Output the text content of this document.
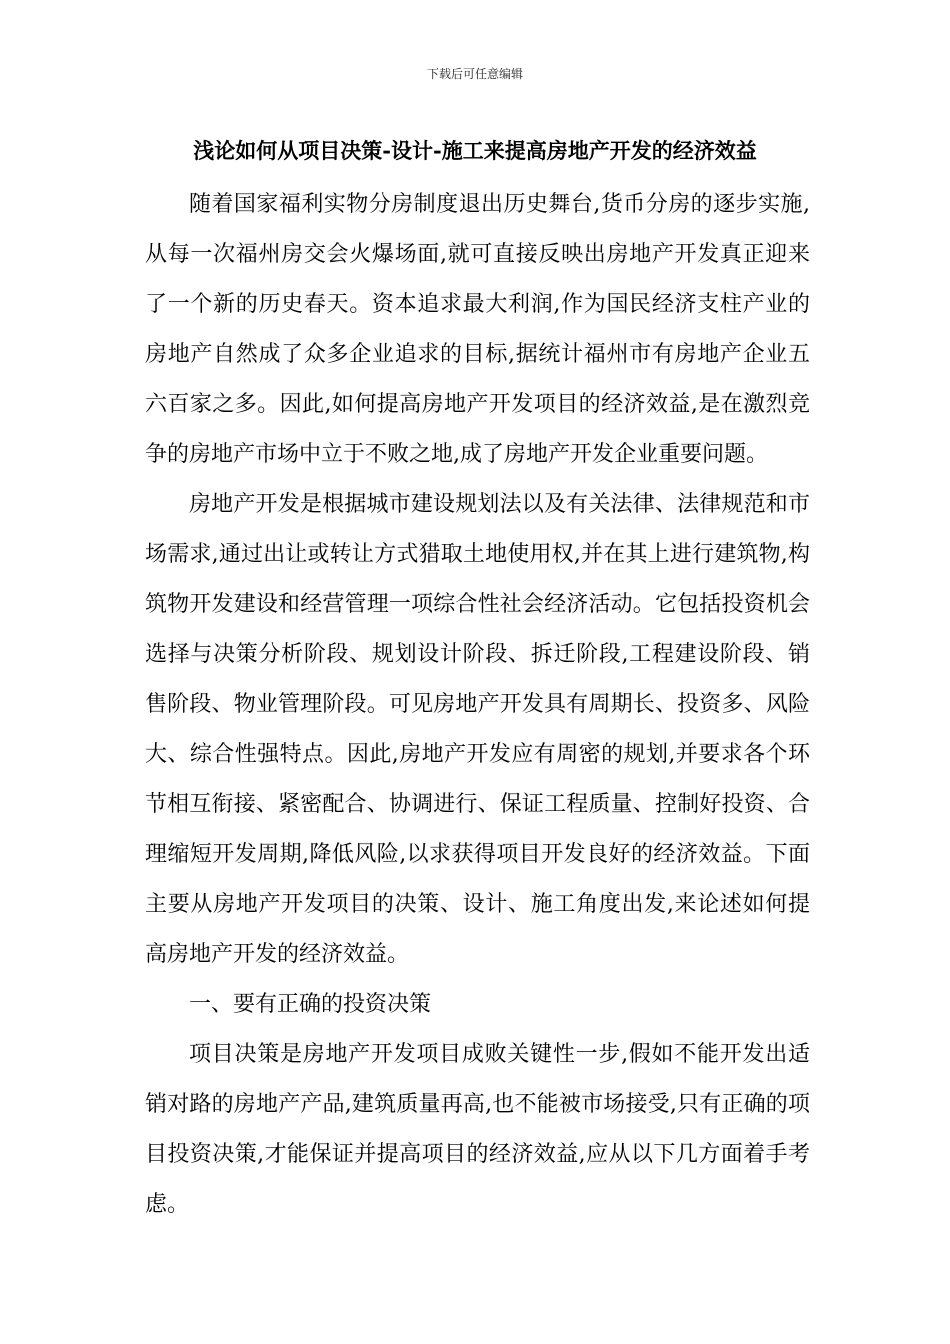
下载后可任意编辑
浅论如何从项目决策-设计-施工来提高房地产开发的经济效益

随着国家福利实物分房制度退出历史舞台,货币分房的逐步实施,从每一次福州房交会火爆场面,就可直接反映出房地产开发真正迎来了一个新的历史春天。资本追求最大利润,作为国民经济支柱产业的房地产自然成了众多企业追求的目标,据统计福州市有房地产企业五六百家之多。因此,如何提高房地产开发项目的经济效益,是在激烈竞争的房地产市场中立于不败之地,成了房地产开发企业重要问题。

房地产开发是根据城市建设规划法以及有关法律、法律规范和市场需求,通过出让或转让方式猎取土地使用权,并在其上进行建筑物,构筑物开发建设和经营管理一项综合性社会经济活动。它包括投资机会选择与决策分析阶段、规划设计阶段、拆迁阶段,工程建设阶段、销售阶段、物业管理阶段。可见房地产开发具有周期长、投资多、风险大、综合性强特点。因此,房地产开发应有周密的规划,并要求各个环节相互衔接、紧密配合、协调进行、保证工程质量、控制好投资、合理缩短开发周期,降低风险,以求获得项目开发良好的经济效益。下面主要从房地产开发项目的决策、设计、施工角度出发,来论述如何提高房地产开发的经济效益。

一、要有正确的投资决策

项目决策是房地产开发项目成败关键性一步,假如不能开发出适销对路的房地产产品,建筑质量再高,也不能被市场接受,只有正确的项目投资决策,才能保证并提高项目的经济效益,应从以下几方面着手考虑。
